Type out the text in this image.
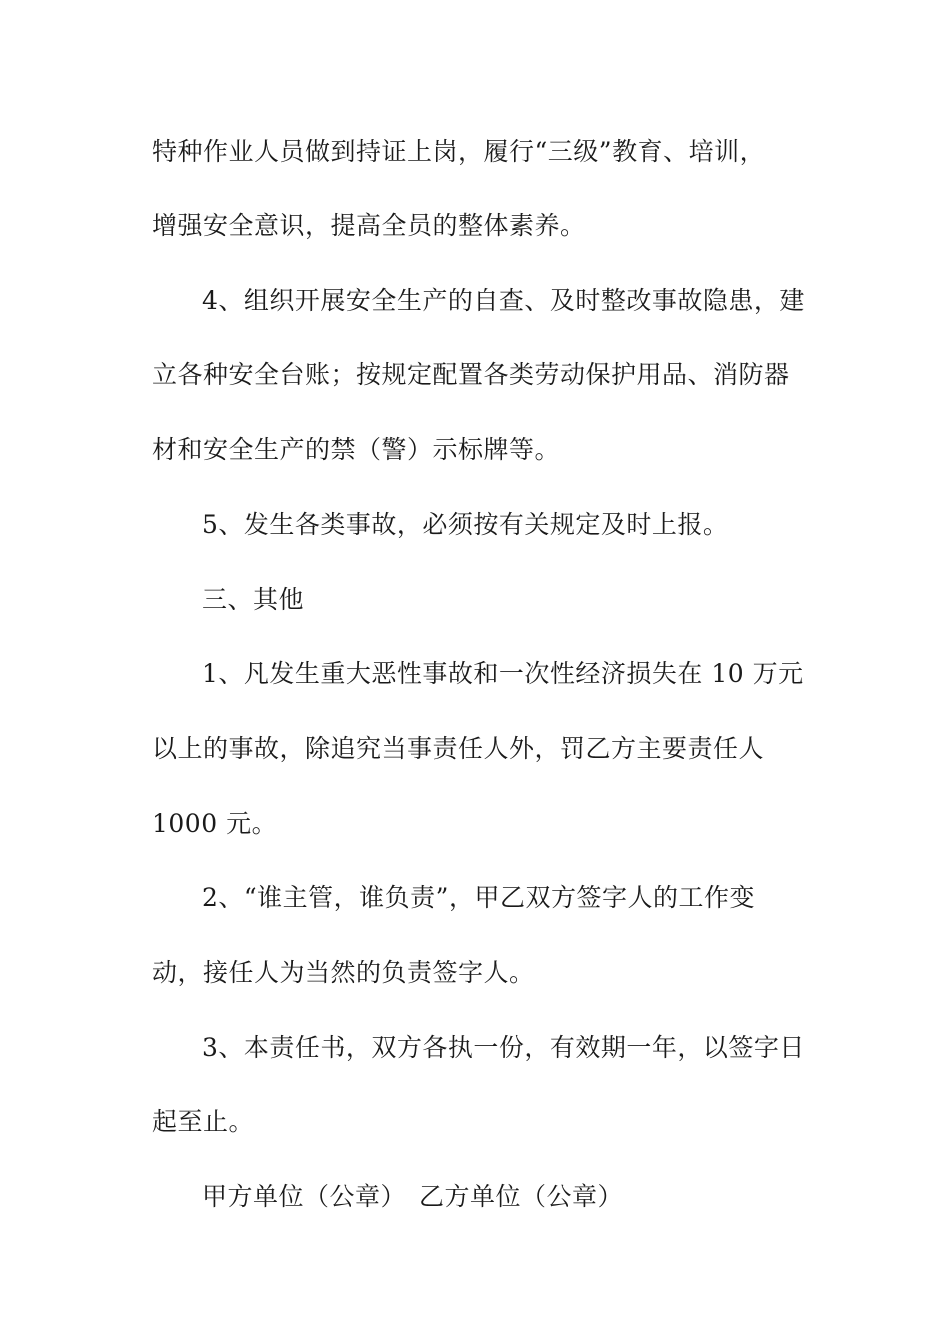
特种作业人员做到持证上岗，履行“三级”教育、培训，
增强安全意识，提高全员的整体素养。
4、组织开展安全生产的自查、及时整改事故隐患，建
立各种安全台账；按规定配置各类劳动保护用品、消防器
材和安全生产的禁（警）示标牌等。
5、发生各类事故，必须按有关规定及时上报。
三、其他
1、凡发生重大恶性事故和一次性经济损失在 10 万元
以上的事故，除追究当事责任人外，罚乙方主要责任人
1000 元。
2、“谁主管，谁负责”，甲乙双方签字人的工作变
动，接任人为当然的负责签字人。
3、本责任书，双方各执一份，有效期一年，以签字日
起至止。
甲方单位（公章）　乙方单位（公章）
